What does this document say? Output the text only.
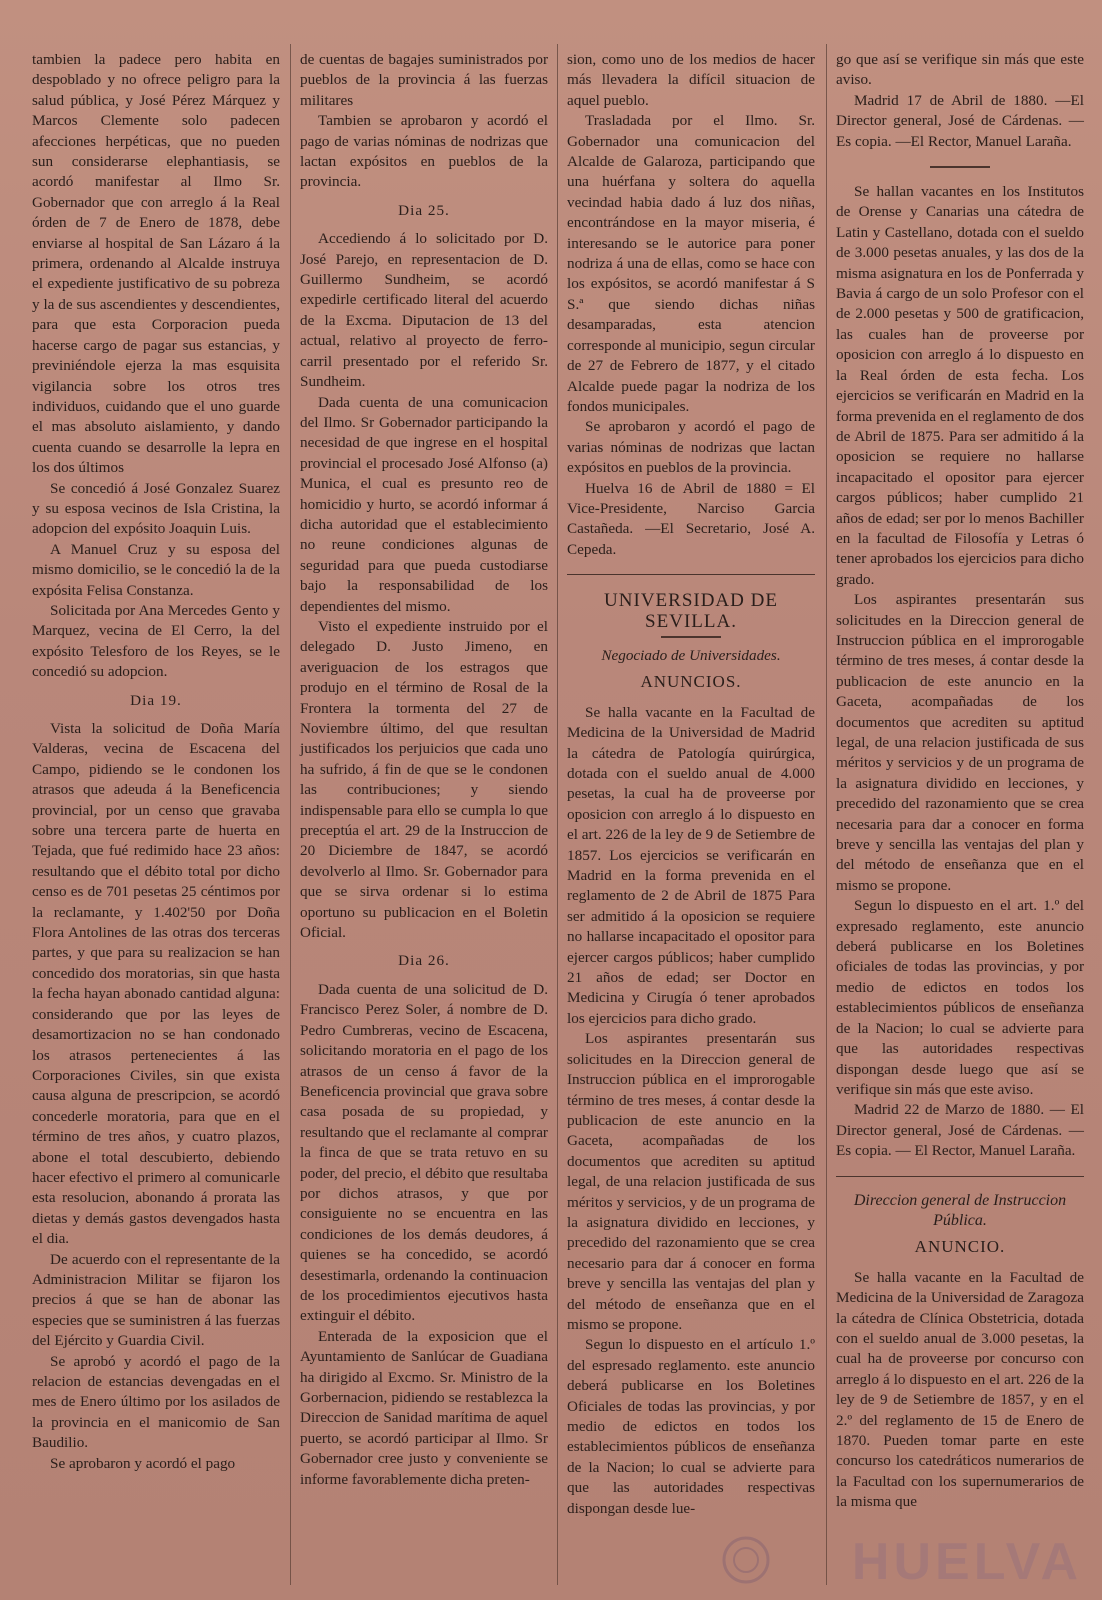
tambien la padece pero habita en despoblado y no ofrece peligro para la salud pública, y José Pérez Márquez y Marcos Clemente solo padecen afecciones herpéticas, que no pueden sun considerarse elephantiasis, se acordó manifestar al Ilmo Sr. Gobernador que con arreglo á la Real órden de 7 de Enero de 1878, debe enviarse al hospital de San Lázaro á la primera, ordenando al Alcalde instruya el expediente justificativo de su pobreza y la de sus ascendientes y descendientes, para que esta Corporacion pueda hacerse cargo de pagar sus estancias, y previniéndole ejerza la mas esquisita vigilancia sobre los otros tres individuos, cuidando que el uno guarde el mas absoluto aislamiento, y dando cuenta cuando se desarrolle la lepra en los dos últimos

Se concedió á José Gonzalez Suarez y su esposa vecinos de Isla Cristina, la adopcion del expósito Joaquin Luis.

A Manuel Cruz y su esposa del mismo domicilio, se le concedió la de la expósita Felisa Constanza.

Solicitada por Ana Mercedes Gento y Marquez, vecina de El Cerro, la del expósito Telesforo de los Reyes, se le concedió su adopcion.

Dia 19.

Vista la solicitud de Doña María Valderas, vecina de Escacena del Campo, pidiendo se le condonen los atrasos que adeuda á la Beneficencia provincial, por un censo que gravaba sobre una tercera parte de huerta en Tejada, que fué redimido hace 23 años: resultando que el débito total por dicho censo es de 701 pesetas 25 céntimos por la reclamante, y 1.402'50 por Doña Flora Antolines de las otras dos terceras partes, y que para su realizacion se han concedido dos moratorias, sin que hasta la fecha hayan abonado cantidad alguna: considerando que por las leyes de desamortizacion no se han condonado los atrasos pertenecientes á las Corporaciones Civiles, sin que exista causa alguna de prescripcion, se acordó concederle moratoria, para que en el término de tres años, y cuatro plazos, abone el total descubierto, debiendo hacer efectivo el primero al comunicarle esta resolucion, abonando á prorata las dietas y demás gastos devengados hasta el dia.

De acuerdo con el representante de la Administracion Militar se fijaron los precios á que se han de abonar las especies que se suministren á las fuerzas del Ejército y Guardia Civil.

Se aprobó y acordó el pago de la relacion de estancias devengadas en el mes de Enero último por los asilados de la provincia en el manicomio de San Baudilio.

Se aprobaron y acordó el pago

de cuentas de bagajes suministrados por pueblos de la provincia á las fuerzas militares

Tambien se aprobaron y acordó el pago de varias nóminas de nodrizas que lactan expósitos en pueblos de la provincia.

Dia 25.

Accediendo á lo solicitado por D. José Parejo, en representacion de D. Guillermo Sundheim, se acordó expedirle certificado literal del acuerdo de la Excma. Diputacion de 13 del actual, relativo al proyecto de ferro-carril presentado por el referido Sr. Sundheim.

Dada cuenta de una comunicacion del Ilmo. Sr Gobernador participando la necesidad de que ingrese en el hospital provincial el procesado José Alfonso (a) Munica, el cual es presunto reo de homicidio y hurto, se acordó informar á dicha autoridad que el establecimiento no reune condiciones algunas de seguridad para que pueda custodiarse bajo la responsabilidad de los dependientes del mismo.

Visto el expediente instruido por el delegado D. Justo Jimeno, en averiguacion de los estragos que produjo en el término de Rosal de la Frontera la tormenta del 27 de Noviembre último, del que resultan justificados los perjuicios que cada uno ha sufrido, á fin de que se le condonen las contribuciones; y siendo indispensable para ello se cumpla lo que preceptúa el art. 29 de la Instruccion de 20 Diciembre de 1847, se acordó devolverlo al Ilmo. Sr. Gobernador para que se sirva ordenar si lo estima oportuno su publicacion en el Boletin Oficial.

Dia 26.

Dada cuenta de una solicitud de D. Francisco Perez Soler, á nombre de D. Pedro Cumbreras, vecino de Escacena, solicitando moratoria en el pago de los atrasos de un censo á favor de la Beneficencia provincial que grava sobre casa posada de su propiedad, y resultando que el reclamante al comprar la finca de que se trata retuvo en su poder, del precio, el débito que resultaba por dichos atrasos, y que por consiguiente no se encuentra en las condiciones de los demás deudores, á quienes se ha concedido, se acordó desestimarla, ordenando la continuacion de los procedimientos ejecutivos hasta extinguir el débito.

Enterada de la exposicion que el Ayuntamiento de Sanlúcar de Guadiana ha dirigido al Excmo. Sr. Ministro de la Gorbernacion, pidiendo se restablezca la Direccion de Sanidad marítima de aquel puerto, se acordó participar al Ilmo. Sr Gobernador cree justo y conveniente se informe favorablemente dicha preten-

sion, como uno de los medios de hacer más llevadera la difícil situacion de aquel pueblo.

Trasladada por el Ilmo. Sr. Gobernador una comunicacion del Alcalde de Galaroza, participando que una huérfana y soltera do aquella vecindad habia dado á luz dos niñas, encontrándose en la mayor miseria, é interesando se le autorice para poner nodriza á una de ellas, como se hace con los expósitos, se acordó manifestar á S S.ª que siendo dichas niñas desamparadas, esta atencion corresponde al municipio, segun circular de 27 de Febrero de 1877, y el citado Alcalde puede pagar la nodriza de los fondos municipales.

Se aprobaron y acordó el pago de varias nóminas de nodrizas que lactan expósitos en pueblos de la provincia.

Huelva 16 de Abril de 1880 = El Vice-Presidente, Narciso Garcia Castañeda. —El Secretario, José A. Cepeda.

UNIVERSIDAD DE SEVILLA.
Negociado de Universidades.
ANUNCIOS.

Se halla vacante en la Facultad de Medicina de la Universidad de Madrid la cátedra de Patología quirúrgica, dotada con el sueldo anual de 4.000 pesetas, la cual ha de proveerse por oposicion con arreglo á lo dispuesto en el art. 226 de la ley de 9 de Setiembre de 1857. Los ejercicios se verificarán en Madrid en la forma prevenida en el reglamento de 2 de Abril de 1875 Para ser admitido á la oposicion se requiere no hallarse incapacitado el opositor para ejercer cargos públicos; haber cumplido 21 años de edad; ser Doctor en Medicina y Cirugía ó tener aprobados los ejercicios para dicho grado.

Los aspirantes presentarán sus solicitudes en la Direccion general de Instruccion pública en el improrogable término de tres meses, á contar desde la publicacion de este anuncio en la Gaceta, acompañadas de los documentos que acrediten su aptitud legal, de una relacion justificada de sus méritos y servicios, y de un programa de la asignatura dividido en lecciones, y precedido del razonamiento que se crea necesario para dar á conocer en forma breve y sencilla las ventajas del plan y del método de enseñanza que en el mismo se propone.

Segun lo dispuesto en el artículo 1.º del espresado reglamento. este anuncio deberá publicarse en los Boletines Oficiales de todas las provincias, y por medio de edictos en todos los establecimientos públicos de enseñanza de la Nacion; lo cual se advierte para que las autoridades respectivas dispongan desde lue-

go que así se verifique sin más que este aviso.

Madrid 17 de Abril de 1880. —El Director general, José de Cárdenas. —Es copia. —El Rector, Manuel Laraña.

Se hallan vacantes en los Institutos de Orense y Canarias una cátedra de Latin y Castellano, dotada con el sueldo de 3.000 pesetas anuales, y las dos de la misma asignatura en los de Ponferrada y Bavia á cargo de un solo Profesor con el de 2.000 pesetas y 500 de gratificacion, las cuales han de proveerse por oposicion con arreglo á lo dispuesto en la Real órden de esta fecha. Los ejercicios se verificarán en Madrid en la forma prevenida en el reglamento de dos de Abril de 1875. Para ser admitido á la oposicion se requiere no hallarse incapacitado el opositor para ejercer cargos públicos; haber cumplido 21 años de edad; ser por lo menos Bachiller en la facultad de Filosofía y Letras ó tener aprobados los ejercicios para dicho grado.

Los aspirantes presentarán sus solicitudes en la Direccion general de Instruccion pública en el improrogable término de tres meses, á contar desde la publicacion de este anuncio en la Gaceta, acompañadas de los documentos que acrediten su aptitud legal, de una relacion justificada de sus méritos y servicios y de un programa de la asignatura dividido en lecciones, y precedido del razonamiento que se crea necesaria para dar a conocer en forma breve y sencilla las ventajas del plan y del método de enseñanza que en el mismo se propone.

Segun lo dispuesto en el art. 1.º del expresado reglamento, este anuncio deberá publicarse en los Boletines oficiales de todas las provincias, y por medio de edictos en todos los establecimientos públicos de enseñanza de la Nacion; lo cual se advierte para que las autoridades respectivas dispongan desde luego que así se verifique sin más que este aviso.

Madrid 22 de Marzo de 1880. — El Director general, José de Cárdenas. —Es copia. — El Rector, Manuel Laraña.

Direccion general de Instruccion Pública.
ANUNCIO.

Se halla vacante en la Facultad de Medicina de la Universidad de Zaragoza la cátedra de Clínica Obstetricia, dotada con el sueldo anual de 3.000 pesetas, la cual ha de proveerse por concurso con arreglo á lo dispuesto en el art. 226 de la ley de 9 de Setiembre de 1857, y en el 2.º del reglamento de 15 de Enero de 1870. Pueden tomar parte en este concurso los catedráticos numerarios de la Facultad con los supernumerarios de la misma que

HUELVA
